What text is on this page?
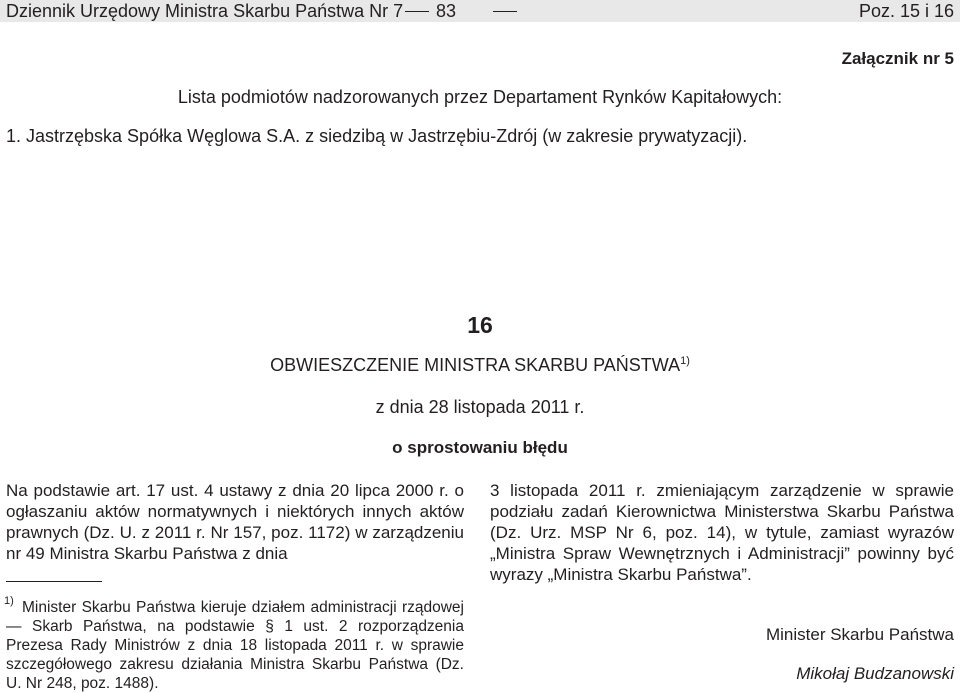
Dziennik Urzędowy Ministra Skarbu Państwa Nr 7 83	Poz. 15 i 16
Załącznik nr 5
Lista podmiotów nadzorowanych przez Departament Rynków Kapitałowych:
1. Jastrzębska Spółka Węglowa S.A. z siedzibą w Jastrzębiu-Zdrój (w zakresie prywatyzacji).
16
OBWIESZCZENIE MINISTRA SKARBU PAŃSTWA$^{1)}$
z dnia 28 listopada 2011 r.
o sprostowaniu błędu
Na podstawie art. 17 ust. 4 ustawy z dnia 20 lipca 2000 r. o ogłaszaniu aktów normatywnych i niektórych innych aktów prawnych (Dz. U. z 2011 r. Nr 157, poz. 1172) w zarządzeniu nr 49 Ministra Skarbu Państwa z dnia
3 listopada 2011 r. zmieniającym zarządzenie w sprawie podziału zadań Kierownictwa Ministerstwa Skarbu Państwa (Dz. Urz. MSP Nr 6, poz. 14), w tytule, zamiast wyrazów „Ministra Spraw Wewnętrznych i Administracji” powinny być wyrazy „Ministra Skarbu Państwa”.
1) Minister Skarbu Państwa kieruje działem administracji rządowej — Skarb Państwa, na podstawie § 1 ust. 2 rozporządzenia Prezesa Rady Ministrów z dnia 18 listopada 2011 r. w sprawie szczegółowego zakresu działania Ministra Skarbu Państwa (Dz. U. Nr 248, poz. 1488).
Minister Skarbu Państwa
Mikołaj Budzanowski
